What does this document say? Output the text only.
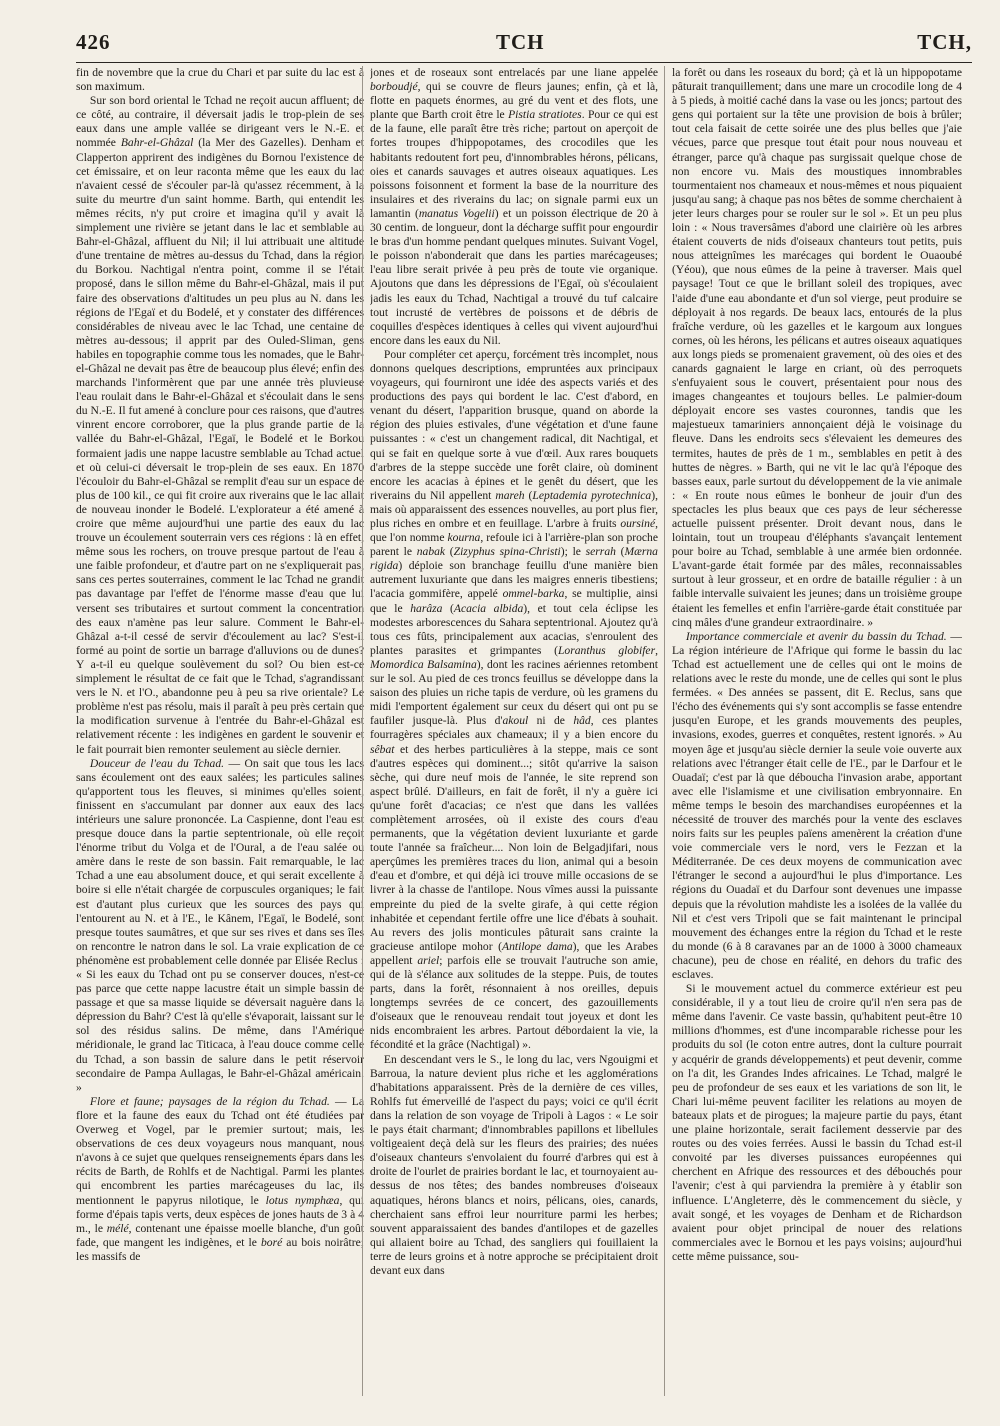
426	TCH	TCH,

fin de novembre que la crue du Chari et par suite du lac est à son maximum.

Sur son bord oriental le Tchad ne reçoit aucun affluent; de ce côté, au contraire, il déversait jadis le trop-plein de ses eaux dans une ample vallée se dirigeant vers le N.-E. et nommée Bahr-el-Ghâzal (la Mer des Gazelles). Denham et Clapperton apprirent des indigènes du Bornou l'existence de cet émissaire, et on leur raconta même que les eaux du lac n'avaient cessé de s'écouler par-là qu'assez récemment, à la suite du meurtre d'un saint homme. Barth, qui entendit les mêmes récits, n'y put croire et imagina qu'il y avait là simplement une rivière se jetant dans le lac et semblable au Bahr-el-Ghâzal, affluent du Nil; il lui attribuait une altitude d'une trentaine de mètres au-dessus du Tchad, dans la région du Borkou. Nachtigal n'entra point, comme il se l'était proposé, dans le sillon même du Bahr-el-Ghâzal, mais il put faire des observations d'altitudes un peu plus au N. dans les régions de l'Egaï et du Bodelé, et y constater des différences considérables de niveau avec le lac Tchad, une centaine de mètres au-dessous; il apprit par des Ouled-Sliman, gens habiles en topographie comme tous les nomades, que le Bahr-el-Ghâzal ne devait pas être de beaucoup plus élevé; enfin des marchands l'informèrent que par une année très pluvieuse l'eau roulait dans le Bahr-el-Ghâzal et s'écoulait dans le sens du N.-E. Il fut amené à conclure pour ces raisons, que d'autres vinrent encore corroborer, que la plus grande partie de la vallée du Bahr-el-Ghâzal, l'Egaï, le Bodelé et le Borkou formaient jadis une nappe lacustre semblable au Tchad actuel et où celui-ci déversait le trop-plein de ses eaux. En 1870 l'écouloir du Bahr-el-Ghâzal se remplit d'eau sur un espace de plus de 100 kil., ce qui fit croire aux riverains que le lac allait de nouveau inonder le Bodelé. L'explorateur a été amené à croire que même aujourd'hui une partie des eaux du lac trouve un écoulement souterrain vers ces régions : là en effet, même sous les rochers, on trouve presque partout de l'eau à une faible profondeur, et d'autre part on ne s'expliquerait pas, sans ces pertes souterraines, comment le lac Tchad ne grandit pas davantage par l'effet de l'énorme masse d'eau que lui versent ses tributaires et surtout comment la concentration des eaux n'amène pas leur salure. Comment le Bahr-el-Ghâzal a-t-il cessé de servir d'écoulement au lac? S'est-il formé au point de sortie un barrage d'alluvions ou de dunes? Y a-t-il eu quelque soulèvement du sol? Ou bien est-ce simplement le résultat de ce fait que le Tchad, s'agrandissant vers le N. et l'O., abandonne peu à peu sa rive orientale? Le problème n'est pas résolu, mais il paraît à peu près certain que la modification survenue à l'entrée du Bahr-el-Ghâzal est relativement récente : les indigènes en gardent le souvenir et le fait pourrait bien remonter seulement au siècle dernier.

Douceur de l'eau du Tchad. — On sait que tous les lacs sans écoulement ont des eaux salées; les particules salines qu'apportent tous les fleuves, si minimes qu'elles soient, finissent en s'accumulant par donner aux eaux des lacs intérieurs une salure prononcée. La Caspienne, dont l'eau est presque douce dans la partie septentrionale, où elle reçoit l'énorme tribut du Volga et de l'Oural, a de l'eau salée ou amère dans le reste de son bassin. Fait remarquable, le lac Tchad a une eau absolument douce, et qui serait excellente à boire si elle n'était chargée de corpuscules organiques; le fait est d'autant plus curieux que les sources des pays qui l'entourent au N. et à l'E., le Kânem, l'Egaï, le Bodelé, sont presque toutes saumâtres, et que sur ses rives et dans ses îles on rencontre le natron dans le sol. La vraie explication de ce phénomène est probablement celle donnée par Elisée Reclus : « Si les eaux du Tchad ont pu se conserver douces, n'est-ce pas parce que cette nappe lacustre était un simple bassin de passage et que sa masse liquide se déversait naguère dans la dépression du Bahr? C'est là qu'elle s'évaporait, laissant sur le sol des résidus salins. De même, dans l'Amérique méridionale, le grand lac Titicaca, à l'eau douce comme celle du Tchad, a son bassin de salure dans le petit réservoir secondaire de Pampa Aullagas, le Bahr-el-Ghâzal américain. »

Flore et faune; paysages de la région du Tchad. — La flore et la faune des eaux du Tchad ont été étudiées par Overweg et Vogel, par le premier surtout; mais, les observations de ces deux voyageurs nous manquant, nous n'avons à ce sujet que quelques renseignements épars dans les récits de Barth, de Rohlfs et de Nachtigal. Parmi les plantes qui encombrent les parties marécageuses du lac, ils mentionnent le papyrus nilotique, le lotus nymphæa, qui forme d'épais tapis verts, deux espèces de jones hauts de 3 à 4 m., le mélé, contenant une épaisse moelle blanche, d'un goût fade, que mangent les indigènes, et le boré au bois noirâtre; les massifs de

jones et de roseaux sont entrelacés par une liane appelée borboudjé, qui se couvre de fleurs jaunes; enfin, çà et là, flotte en paquets énormes, au gré du vent et des flots, une plante que Barth croit être le Pistia stratiotes. Pour ce qui est de la faune, elle paraît être très riche; partout on aperçoit de fortes troupes d'hippopotames, des crocodiles que les habitants redoutent fort peu, d'innombrables hérons, pélicans, oies et canards sauvages et autres oiseaux aquatiques. Les poissons foisonnent et forment la base de la nourriture des insulaires et des riverains du lac; on signale parmi eux un lamantin (manatus Vogelii) et un poisson électrique de 20 à 30 centim. de longueur, dont la décharge suffit pour engourdir le bras d'un homme pendant quelques minutes. Suivant Vogel, le poisson n'abonderait que dans les parties marécageuses; l'eau libre serait privée à peu près de toute vie organique. Ajoutons que dans les dépressions de l'Egaï, où s'écoulaient jadis les eaux du Tchad, Nachtigal a trouvé du tuf calcaire tout incrusté de vertèbres de poissons et de débris de coquilles d'espèces identiques à celles qui vivent aujourd'hui encore dans les eaux du Nil.

Pour compléter cet aperçu, forcément très incomplet, nous donnons quelques descriptions, empruntées aux principaux voyageurs, qui fourniront une idée des aspects variés et des productions des pays qui bordent le lac. C'est d'abord, en venant du désert, l'apparition brusque, quand on aborde la région des pluies estivales, d'une végétation et d'une faune puissantes : « c'est un changement radical, dit Nachtigal, et qui se fait en quelque sorte à vue d'œil. Aux rares bouquets d'arbres de la steppe succède une forêt claire, où dominent encore les acacias à épines et le genêt du désert, que les riverains du Nil appellent mareh (Leptademia pyrotechnica), mais où apparaissent des essences nouvelles, au port plus fier, plus riches en ombre et en feuillage. L'arbre à fruits oursiné, que l'on nomme kourna, refoule ici à l'arrière-plan son proche parent le nabak (Zizyphus spina-Christi); le serrah (Mærna rigida) déploie son branchage feuillu d'une manière bien autrement luxuriante que dans les maigres enneris tibestiens; l'acacia gommifère, appelé ommel-barka, se multiplie, ainsi que le harâza (Acacia albida), et tout cela éclipse les modestes arborescences du Sahara septentrional. Ajoutez qu'à tous ces fûts, principalement aux acacias, s'enroulent des plantes parasites et grimpantes (Loranthus globifer, Momordica Balsamina), dont les racines aériennes retombent sur le sol. Au pied de ces troncs feuillus se développe dans la saison des pluies un riche tapis de verdure, où les gramens du midi l'emportent également sur ceux du désert qui ont pu se faufiler jusque-là. Plus d'akoul ni de hâd, ces plantes fourragères spéciales aux chameaux; il y a bien encore du sêbat et des herbes particulières à la steppe, mais ce sont d'autres espèces qui dominent...; sitôt qu'arrive la saison sèche, qui dure neuf mois de l'année, le site reprend son aspect brûlé. D'ailleurs, en fait de forêt, il n'y a guère ici qu'une forêt d'acacias; ce n'est que dans les vallées complètement arrosées, où il existe des cours d'eau permanents, que la végétation devient luxuriante et garde toute l'année sa fraîcheur.... Non loin de Belgadjifari, nous aperçûmes les premières traces du lion, animal qui a besoin d'eau et d'ombre, et qui déjà ici trouve mille occasions de se livrer à la chasse de l'antilope. Nous vîmes aussi la puissante empreinte du pied de la svelte girafe, à qui cette région inhabitée et cependant fertile offre une lice d'ébats à souhait. Au revers des jolis monticules pâturait sans crainte la gracieuse antilope mohor (Antilope dama), que les Arabes appellent ariel; parfois elle se trouvait l'autruche son amie, qui de là s'élance aux solitudes de la steppe. Puis, de toutes parts, dans la forêt, résonnaient à nos oreilles, depuis longtemps sevrées de ce concert, des gazouillements d'oiseaux que le renouveau rendait tout joyeux et dont les nids encombraient les arbres. Partout débordaient la vie, la fécondité et la grâce (Nachtigal) ».

En descendant vers le S., le long du lac, vers Ngouigmi et Barroua, la nature devient plus riche et les agglomérations d'habitations apparaissent. Près de la dernière de ces villes, Rohlfs fut émerveillé de l'aspect du pays; voici ce qu'il écrit dans la relation de son voyage de Tripoli à Lagos : « Le soir le pays était charmant; d'innombrables papillons et libellules voltigeaient deçà delà sur les fleurs des prairies; des nuées d'oiseaux chanteurs s'envolaient du fourré d'arbres qui est à droite de l'ourlet de prairies bordant le lac, et tournoyaient au-dessus de nos têtes; des bandes nombreuses d'oiseaux aquatiques, hérons blancs et noirs, pélicans, oies, canards, cherchaient sans effroi leur nourriture parmi les herbes; souvent apparaissaient des bandes d'antilopes et de gazelles qui allaient boire au Tchad, des sangliers qui fouillaient la terre de leurs groins et à notre approche se précipitaient droit devant eux dans

la forêt ou dans les roseaux du bord; çà et là un hippopotame pâturait tranquillement; dans une mare un crocodile long de 4 à 5 pieds, à moitié caché dans la vase ou les joncs; partout des gens qui portaient sur la tête une provision de bois à brûler; tout cela faisait de cette soirée une des plus belles que j'aie vécues, parce que presque tout était pour nous nouveau et étranger, parce qu'à chaque pas surgissait quelque chose de non encore vu. Mais des moustiques innombrables tourmentaient nos chameaux et nous-mêmes et nous piquaient jusqu'au sang; à chaque pas nos bêtes de somme cherchaient à jeter leurs charges pour se rouler sur le sol ». Et un peu plus loin : « Nous traversâmes d'abord une clairière où les arbres étaient couverts de nids d'oiseaux chanteurs tout petits, puis nous atteignîmes les marécages qui bordent le Ouaoubé (Yéou), que nous eûmes de la peine à traverser. Mais quel paysage! Tout ce que le brillant soleil des tropiques, avec l'aide d'une eau abondante et d'un sol vierge, peut produire se déployait à nos regards. De beaux lacs, entourés de la plus fraîche verdure, où les gazelles et le kargoum aux longues cornes, où les hérons, les pélicans et autres oiseaux aquatiques aux longs pieds se promenaient gravement, où des oies et des canards gagnaient le large en criant, où des perroquets s'enfuyaient sous le couvert, présentaient pour nous des images changeantes et toujours belles. Le palmier-doum déployait encore ses vastes couronnes, tandis que les majestueux tamariniers annonçaient déjà le voisinage du fleuve. Dans les endroits secs s'élevaient les demeures des termites, hautes de près de 1 m., semblables en petit à des huttes de nègres. » Barth, qui ne vit le lac qu'à l'époque des basses eaux, parle surtout du développement de la vie animale : « En route nous eûmes le bonheur de jouir d'un des spectacles les plus beaux que ces pays de leur sécheresse actuelle puissent présenter. Droit devant nous, dans le lointain, tout un troupeau d'éléphants s'avançait lentement pour boire au Tchad, semblable à une armée bien ordonnée. L'avant-garde était formée par des mâles, reconnaissables surtout à leur grosseur, et en ordre de bataille régulier : à un faible intervalle suivaient les jeunes; dans un troisième groupe étaient les femelles et enfin l'arrière-garde était constituée par cinq mâles d'une grandeur extraordinaire. »

Importance commerciale et avenir du bassin du Tchad. — La région intérieure de l'Afrique qui forme le bassin du lac Tchad est actuellement une de celles qui ont le moins de relations avec le reste du monde, une de celles qui sont le plus fermées. « Des années se passent, dit E. Reclus, sans que l'écho des événements qui s'y sont accomplis se fasse entendre jusqu'en Europe, et les grands mouvements des peuples, invasions, exodes, guerres et conquêtes, restent ignorés. » Au moyen âge et jusqu'au siècle dernier la seule voie ouverte aux relations avec l'étranger était celle de l'E., par le Darfour et le Ouadaï; c'est par là que déboucha l'invasion arabe, apportant avec elle l'islamisme et une civilisation embryonnaire. En même temps le besoin des marchandises européennes et la nécessité de trouver des marchés pour la vente des esclaves noirs faits sur les peuples païens amenèrent la création d'une voie commerciale vers le nord, vers le Fezzan et la Méditerranée. De ces deux moyens de communication avec l'étranger le second a aujourd'hui le plus d'importance. Les régions du Ouadaï et du Darfour sont devenues une impasse depuis que la révolution mahdiste les a isolées de la vallée du Nil et c'est vers Tripoli que se fait maintenant le principal mouvement des échanges entre la région du Tchad et le reste du monde (6 à 8 caravanes par an de 1000 à 3000 chameaux chacune), peu de chose en réalité, en dehors du trafic des esclaves.

Si le mouvement actuel du commerce extérieur est peu considérable, il y a tout lieu de croire qu'il n'en sera pas de même dans l'avenir. Ce vaste bassin, qu'habitent peut-être 10 millions d'hommes, est d'une incomparable richesse pour les produits du sol (le coton entre autres, dont la culture pourrait y acquérir de grands développements) et peut devenir, comme on l'a dit, les Grandes Indes africaines. Le Tchad, malgré le peu de profondeur de ses eaux et les variations de son lit, le Chari lui-même peuvent faciliter les relations au moyen de bateaux plats et de pirogues; la majeure partie du pays, étant une plaine horizontale, serait facilement desservie par des routes ou des voies ferrées. Aussi le bassin du Tchad est-il convoité par les diverses puissances européennes qui cherchent en Afrique des ressources et des débouchés pour l'avenir; c'est à qui parviendra la première à y établir son influence. L'Angleterre, dès le commencement du siècle, y avait songé, et les voyages de Denham et de Richardson avaient pour objet principal de nouer des relations commerciales avec le Bornou et les pays voisins; aujourd'hui cette même puissance, sou-
